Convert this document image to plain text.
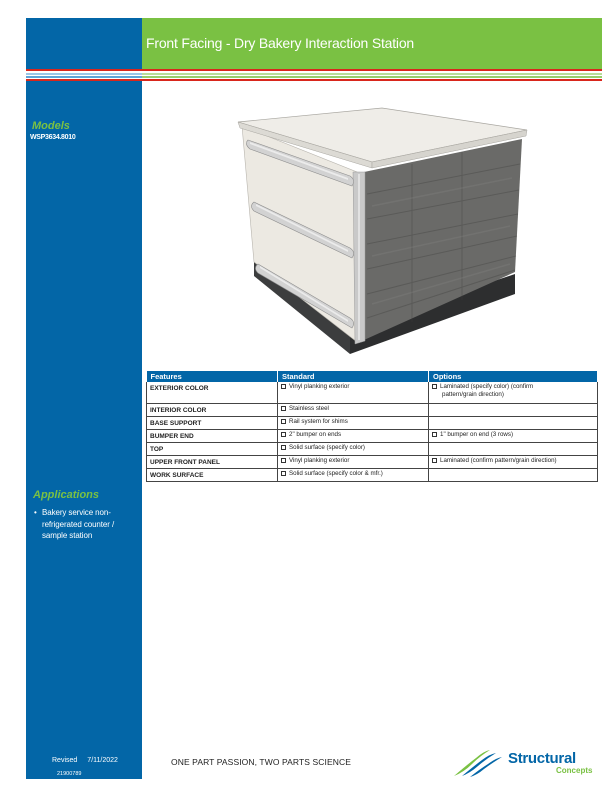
Front Facing - Dry Bakery Interaction Station
Models
WSP3634.8010
Applications
• Bakery service non-refrigerated counter / sample station
Revised 7/11/2022
21900789
Features	Standard	Options
EXTERIOR COLOR	Vinyl planking exterior	Laminated (specify color) (confirm
pattern/grain direction)

INTERIOR COLOR	Stainless steel	
BASE SUPPORT	Rail system for shims	
BUMPER END	2" bumper on ends	1" bumper on end (3 rows)
TOP	Solid surface (specify color)	
UPPER FRONT PANEL	Vinyl planking exterior	Laminated (confirm pattern/grain direction)
WORK SURFACE	Solid surface (specify color & mfr.)	
ONE PART PASSION, TWO PARTS SCIENCE	Structural
Concepts
